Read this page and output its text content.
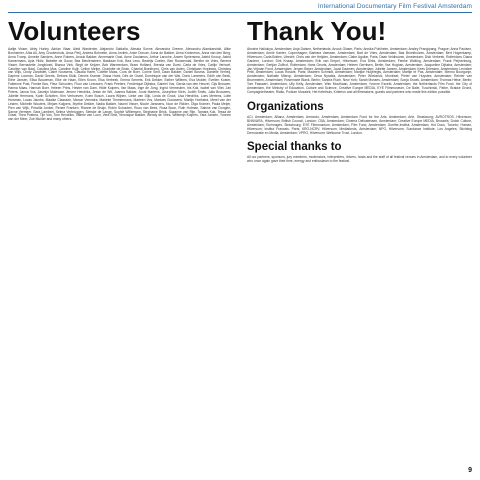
International Documentary Film Festival Amsterdam
Volunteers

Aaltje Visser, Abby Hurley, Adrian Vlaar, Aleid Wardenier, Alejandro Saldaña, Alessia Sonne, Alexandra Greene, Alexandru Alamkarsinkt, Alike Bonhemier, Ahla Ali, Amy Grootenhuis, Anca Pleij, Andrea Bohneke, Anna Jezilek, Anke Dorcan, Anna de Bakker, Anna Knotnerus, Anna van den Berg, Anna Tromp, Anneke Sanders, Anne Robers, Anouk Bakker, Annemarie Oost, Anne Doulamus, Arthur Laroche, Arwen Spriensma, Astrid Knoop, Astrid Kamermans, Ayla Yildiz, Babette de Gouw, Bas Meulensteen, Bastiaan Kok, Bea Leus, Beatrijs Coelen, Ben Rouwendal, Benthe de Vries, Berend Visser, Bernadette Jongbloed, Bianca Vink, Birgit de Keijzer, Bob Warmerdam, Bram Hofland, Brenda van Dorst, Carla de Vries, Carlijn Verhoef, Carolien van Baal, Carolina Mos, Caroline Kuijt, Celine Meijer, Charlotte de Bruin, Chantal Boekhorst, Chris van Asten, Christiaan Hoekstra, Christina van Wijk, Cindy Zandvliet, Claire Nouwens, Claudia Harte, Colette Maas, Cora de Boer, Corine Smit, Daan Bakker, Daniel Bosma, Danielle Verheij, Daphne Looman, David Geerts, Debora Stolk, Dennis Kramer, Diana Hoek, Dirk de Graaf, Dominique van der Wal, Doris Lammers, Edith van Beek, Eline Jansen, Elisa Bouwman, Elke de Haan, Ellen Kroon, Elsa Verbeek, Emma Smeets, Erik Dekker, Esther Willems, Eva Mulder, Evelien Koster, Fabienne Post, Femke Bos, Fleur Schouten, Floor van Leeuwen, Frank Peeters, Frederique Dijkstra, Gabriel Vos, Gerda van den Heuvel, Gijs Brouwer, Hanna Maas, Hannah Boer, Heleen Prins, Hester van Dam, Hilde Kuipers, Ilse Maas, Inge de Jong, Ingrid Vermeulen, Iris Kok, Isabel van Vliet, Jan Peters, Janna Vos, Jasmijn Molenaar, Jeroen Hendriks, Jesse de Wit, Joanna Bakker, Joost Martens, Josephine Klein, Judith Smits, Julia Brouwers, Juliette Hermans, Karin Scholten, Kim Verhoeven, Koen Bosch, Laura Wijnen, Lieke van Dijk, Linda de Groot, Lisa Hendriks, Loes Mertens, Lotte Huisman, Lucas Jacobs, Maaike Claassen, Manon Veenstra, Marieke Timmermans, Marleen Vos, Marloes Goossens, Martijn Hoekstra, Merel van der Linden, Michelle Wouters, Mirjam Kuijpers, Myrthe Dekker, Nadia Bakker, Naomi Visser, Nicole Janssens, Noor de Ridder, Olga Kramer, Paula Meijer, Pien van Wijk, Priscilla Jonker, Renee Franken, Rianne de Bruijn, Robin Schouten, Roos van Beek, Rosa Boon, Ruth Hofman, Sabine van Dongen, Sanne Vermeer, Sara Lambert, Selma Verbruggen, Sietske de Lange, Sophie Willemsen, Stephanie Brink, Suzanne van Rijn, Tamara Kok, Tessa de Graaf, Thea Postma, Tijn Vos, Tom Hendriks, Valerie van Loon, Vera Smit, Veronique Bakker, Wendy de Vries, Willemijn Kuipers, Yara Jansen, Yvonne van der Meer, Zoe Mulder and many others.

Thank You!

Abushe Hailuluya, Amsterdam; Anja Dalsen, Netherlands; Anouk Glaser, Paris; Annika Pohlheim, Amsterdam; Ansley Prangipang, Prague; Anna Paulsen, Amsterdam; Annie Kaeter, Copenhagen; Barbara Vaessen, Amsterdam; Bart de Vries, Amsterdam; Bas Broekhuizen, Amsterdam; Bert Hogenkamp, Hilversum; Carla Bolten, Utrecht; Chris van der Heijden, Amsterdam; Claire Aguilar, Paris; Daan Veldhuizen, Amsterdam; Dick Verbeek, Rotterdam; Diana Gardner, London; Dirk Knaap, Amsterdam; Erik van Empel, Hilversum; Eva Dirks, Amsterdam; Femke Wolting, Amsterdam; Frank Peijnenburg, Amsterdam; Gertjan Zuilhof, Rotterdam; Hans Geurts, Amsterdam; Heleen Gerritsen, Berlin; Ilse Hughan, Amsterdam; Jacqueline Dijkstra, Amsterdam; Jan Vrijman Fund, Amsterdam; Jeroen Beker, Amsterdam; Joost Daamen, Amsterdam; Juliette Jansen, Amsterdam; Kees Driessen, Amsterdam; Leontine Petit, Amsterdam; Lucas Rosant, Paris; Maarten Schmidt, Amsterdam; Marijke Huijbregts, Amsterdam; Martijn te Pas, Amsterdam; Menno Bourgonje, Amsterdam; Nathalie Mierop, Amsterdam; Orwa Nyrabia, Amsterdam; Peter Wintonick, Montreal; Pieter van Huystee, Amsterdam; Reinier van Brummelen, Amsterdam; Rosemarie Blank, Berlin; Sandra Ruch, New York; Sarah Mosses, Amsterdam; Sonja Snoek, Amsterdam; Thomas Heise, Berlin; Tom Fassaert, Amsterdam; Ully Kelly, Amsterdam; Wim Mouthaan, Amsterdam; Yvonne Esveld, Amsterdam; the Netherlands Film Fund, the City of Amsterdam, the Ministry of Education, Culture and Science, Creative Europe MEDIA, EYE Filmmuseum, De Balie, Tuschinski, Pathe, Brakke Grond, Compagnietheater, Rialto, Podium Mozaiek, Het Ketelhuis, Kriterion and all filmmakers, guests and partners who made this edition possible.

Organizations

ACI, Amsterdam; Allianz, Amsterdam; Ammodo, Amsterdam; Amsterdam Fund for the Arts, Amsterdam; Arte, Strasbourg; AVROTROS, Hilversum; BNNVARA, Hilversum; British Council, London; CBA, Amsterdam; Cinema Delicatessen, Amsterdam; Creative Europe MEDIA, Brussels; Dutch Culture, Amsterdam; Eurimages, Strasbourg; EYE Filmmuseum, Amsterdam; Film Fund, Amsterdam; Goethe-Institut, Amsterdam; Hot Docs, Toronto; Human, Hilversum; Institut Francais, Paris; KRO-NCRV, Hilversum; Mediafonds, Amsterdam; NPO, Hilversum; Sundance Institute, Los Angeles; Stichting Democratie en Media, Amsterdam; VPRO, Hilversum; Wellcome Trust, London.

Special thanks to

All our partners, sponsors, jury members, moderators, interpreters, drivers, hosts and the staff of all festival venues in Amsterdam, and to every volunteer who once again gave their time, energy and enthusiasm to the festival.

9
